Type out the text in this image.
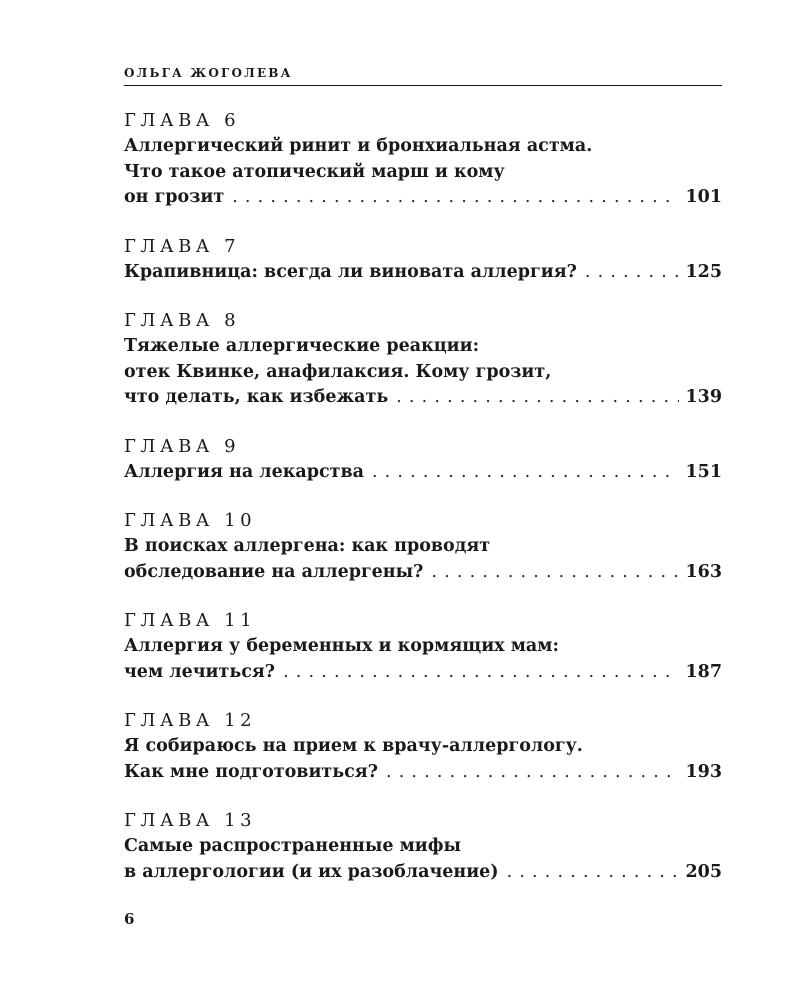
ОЛЬГА ЖОГОЛЕВА
ГЛАВА 6
Аллергический ринит и бронхиальная астма.
Что такое атопический марш и кому
он грозит . . .	101
ГЛАВА 7
Крапивница: всегда ли виновата аллергия? . . .	125
ГЛАВА 8
Тяжелые аллергические реакции:
отек Квинке, анафилаксия. Кому грозит,
что делать, как избежать . . .	139
ГЛАВА 9
Аллергия на лекарства . . .	151
ГЛАВА 10
В поисках аллергена: как проводят
обследование на аллергены? . . .	163
ГЛАВА 11
Аллергия у беременных и кормящих мам:
чем лечиться? . . .	187
ГЛАВА 12
Я собираюсь на прием к врачу-аллергологу.
Как мне подготовиться? . . .	193
ГЛАВА 13
Самые распространенные мифы
в аллергологии (и их разоблачение) . . .	205
6
